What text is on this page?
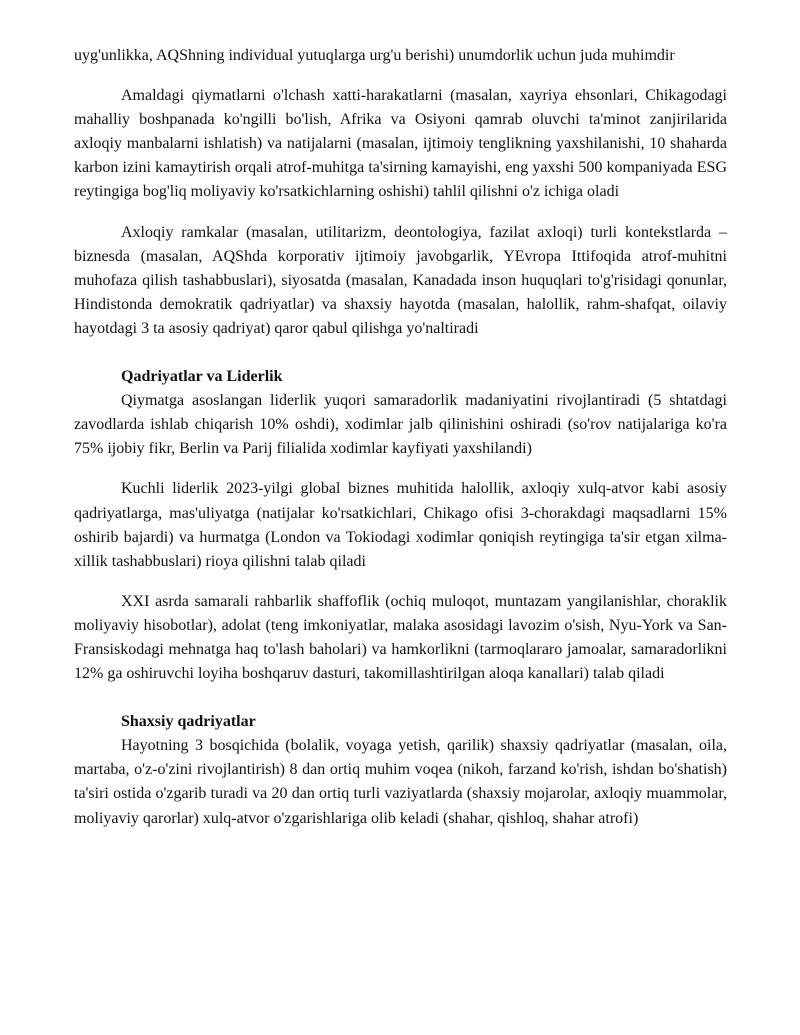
uyg'unlikka, AQShning individual yutuqlarga urg'u berishi) unumdorlik uchun juda muhimdir

Amaldagi qiymatlarni o'lchash xatti-harakatlarni (masalan, xayriya ehsonlari, Chikagodagi mahalliy boshpanada ko'ngilli bo'lish, Afrika va Osiyoni qamrab oluvchi ta'minot zanjirilarida axloqiy manbalarni ishlatish) va natijalarni (masalan, ijtimoiy tenglikning yaxshilanishi, 10 shaharda karbon izini kamaytirish orqali atrof-muhitga ta'sirning kamayishi, eng yaxshi 500 kompaniyada ESG reytingiga bog'liq moliyaviy ko'rsatkichlarning oshishi) tahlil qilishni o'z ichiga oladi

Axloqiy ramkalar (masalan, utilitarizm, deontologiya, fazilat axloqi) turli kontekstlarda – biznesda (masalan, AQShda korporativ ijtimoiy javobgarlik, YEvropa Ittifoqida atrof-muhitni muhofaza qilish tashabbuslari), siyosatda (masalan, Kanadada inson huquqlari to'g'risidagi qonunlar, Hindistonda demokratik qadriyatlar) va shaxsiy hayotda (masalan, halollik, rahm-shafqat, oilaviy hayotdagi 3 ta asosiy qadriyat) qaror qabul qilishga yo'naltiradi

Qadriyatlar va Liderlik

Qiymatga asoslangan liderlik yuqori samaradorlik madaniyatini rivojlantiradi (5 shtatdagi zavodlarda ishlab chiqarish 10% oshdi), xodimlar jalb qilinishini oshiradi (so'rov natijalariga ko'ra 75% ijobiy fikr, Berlin va Parij filialida xodimlar kayfiyati yaxshilandi)

Kuchli liderlik 2023-yilgi global biznes muhitida halollik, axloqiy xulq-atvor kabi asosiy qadriyatlarga, mas'uliyatga (natijalar ko'rsatkichlari, Chikago ofisi 3-chorakdagi maqsadlarni 15% oshirib bajardi) va hurmatga (London va Tokiodagi xodimlar qoniqish reytingiga ta'sir etgan xilma-xillik tashabbuslari) rioya qilishni talab qiladi

XXI asrda samarali rahbarlik shaffoflik (ochiq muloqot, muntazam yangilanishlar, choraklik moliyaviy hisobotlar), adolat (teng imkoniyatlar, malaka asosidagi lavozim o'sish, Nyu-York va San-Fransiskodagi mehnatga haq to'lash baholari) va hamkorlikni (tarmoqlararo jamoalar, samaradorlikni 12% ga oshiruvchi loyiha boshqaruv dasturi, takomillashtirilgan aloqa kanallari) talab qiladi

Shaxsiy qadriyatlar

Hayotning 3 bosqichida (bolalik, voyaga yetish, qarilik) shaxsiy qadriyatlar (masalan, oila, martaba, o'z-o'zini rivojlantirish) 8 dan ortiq muhim voqea (nikoh, farzand ko'rish, ishdan bo'shatish) ta'siri ostida o'zgarib turadi va 20 dan ortiq turli vaziyatlarda (shaxsiy mojarolar, axloqiy muammolar, moliyaviy qarorlar) xulq-atvor o'zgarishlariga olib keladi (shahar, qishloq, shahar atrofi)
